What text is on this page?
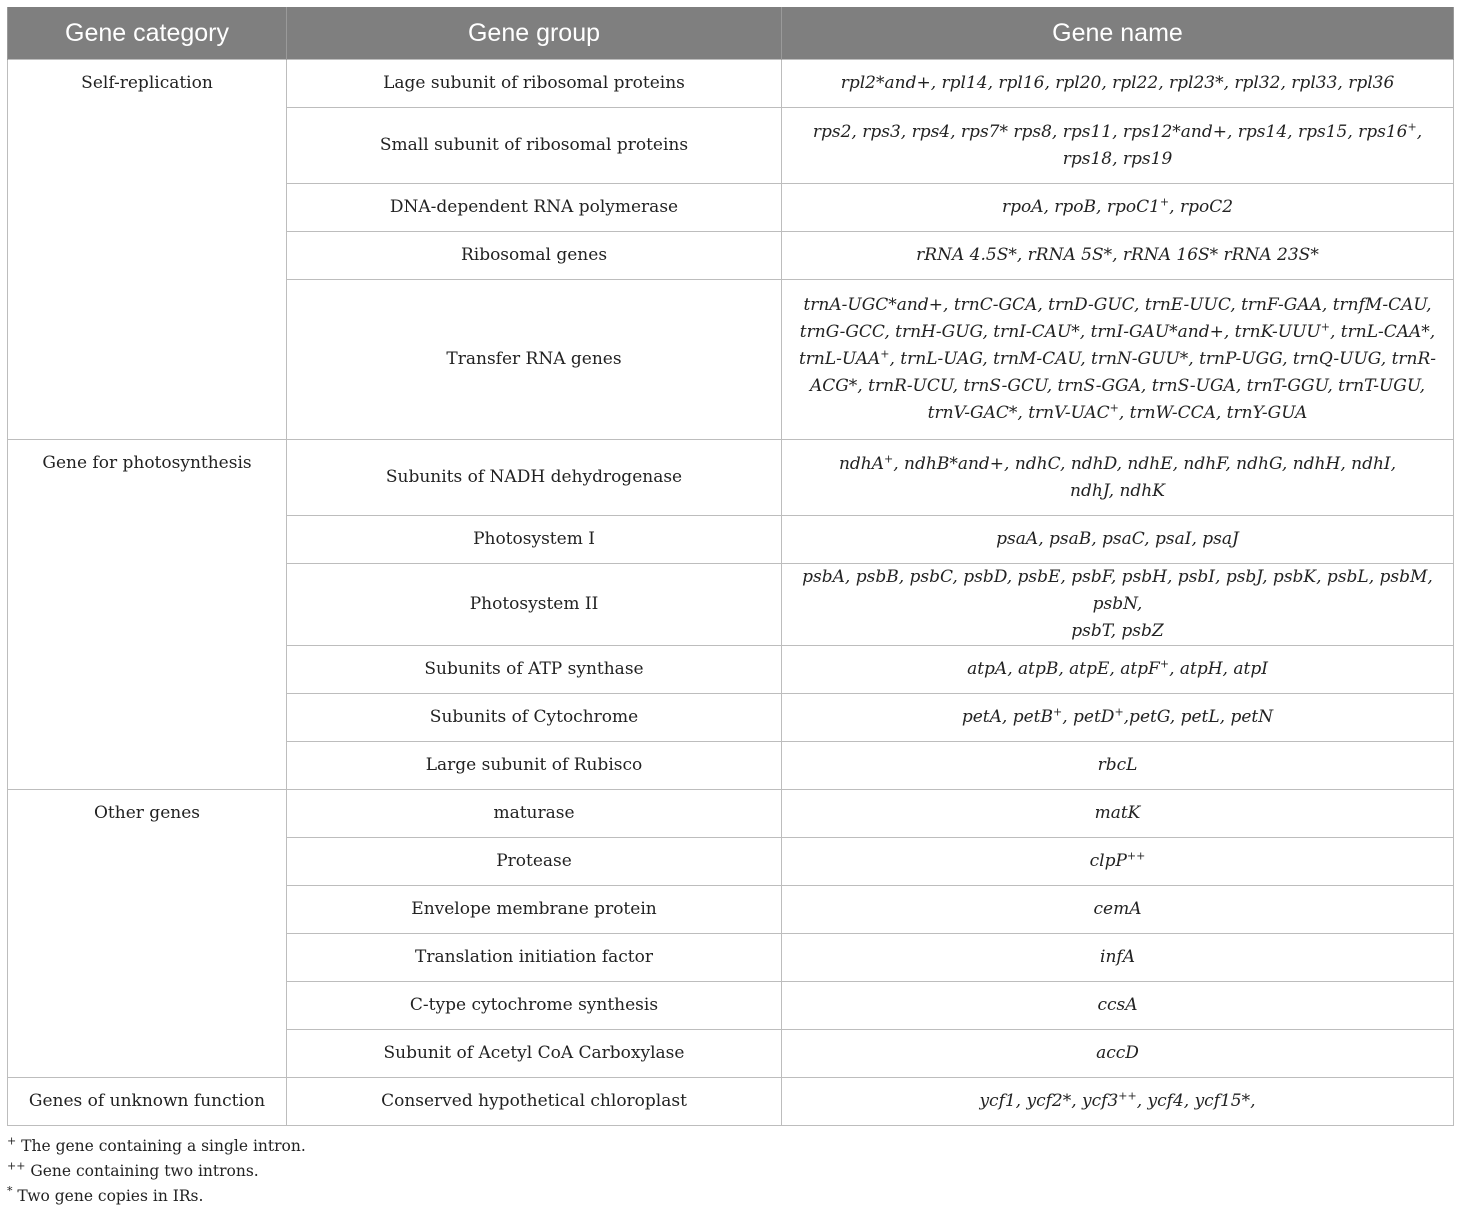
Gene category	Gene group	Gene name
Self-replication	Lage subunit of ribosomal proteins	rpl2*and+, rpl14, rpl16, rpl20, rpl22, rpl23*, rpl32, rpl33, rpl36
	Small subunit of ribosomal proteins	rps2, rps3, rps4, rps7* rps8, rps11, rps12*and+, rps14, rps15, rps16+,
rps18, rps19
	DNA-dependent RNA polymerase	rpoA, rpoB, rpoC1+, rpoC2
	Ribosomal genes	rRNA 4.5S*, rRNA 5S*, rRNA 16S* rRNA 23S*
	Transfer RNA genes	trnA-UGC*and+, trnC-GCA, trnD-GUC, trnE-UUC, trnF-GAA, trnfM-CAU,
trnG-GCC, trnH-GUG, trnI-CAU*, trnI-GAU*and+, trnK-UUU+, trnL-CAA*,
trnL-UAA+, trnL-UAG, trnM-CAU, trnN-GUU*, trnP-UGG, trnQ-UUG, trnR-
ACG*, trnR-UCU, trnS-GCU, trnS-GGA, trnS-UGA, trnT-GGU, trnT-UGU,
trnV-GAC*, trnV-UAC+, trnW-CCA, trnY-GUA
Gene for photosynthesis	Subunits of NADH dehydrogenase	ndhA+, ndhB*and+, ndhC, ndhD, ndhE, ndhF, ndhG, ndhH, ndhI,
ndhJ, ndhK
	Photosystem I	psaA, psaB, psaC, psaI, psaJ
	Photosystem II	psbA, psbB, psbC, psbD, psbE, psbF, psbH, psbI, psbJ, psbK, psbL, psbM, psbN,
psbT, psbZ
	Subunits of ATP synthase	atpA, atpB, atpE, atpF+, atpH, atpI
	Subunits of Cytochrome	petA, petB+, petD+,petG, petL, petN
	Large subunit of Rubisco	rbcL
Other genes	maturase	matK
	Protease	clpP++
	Envelope membrane protein	cemA
	Translation initiation factor	infA
	C-type cytochrome synthesis	ccsA
	Subunit of Acetyl CoA Carboxylase	accD
Genes of unknown function	Conserved hypothetical chloroplast	ycf1, ycf2*, ycf3++, ycf4, ycf15*,
+ The gene containing a single intron.
++ Gene containing two introns.
* Two gene copies in IRs.
